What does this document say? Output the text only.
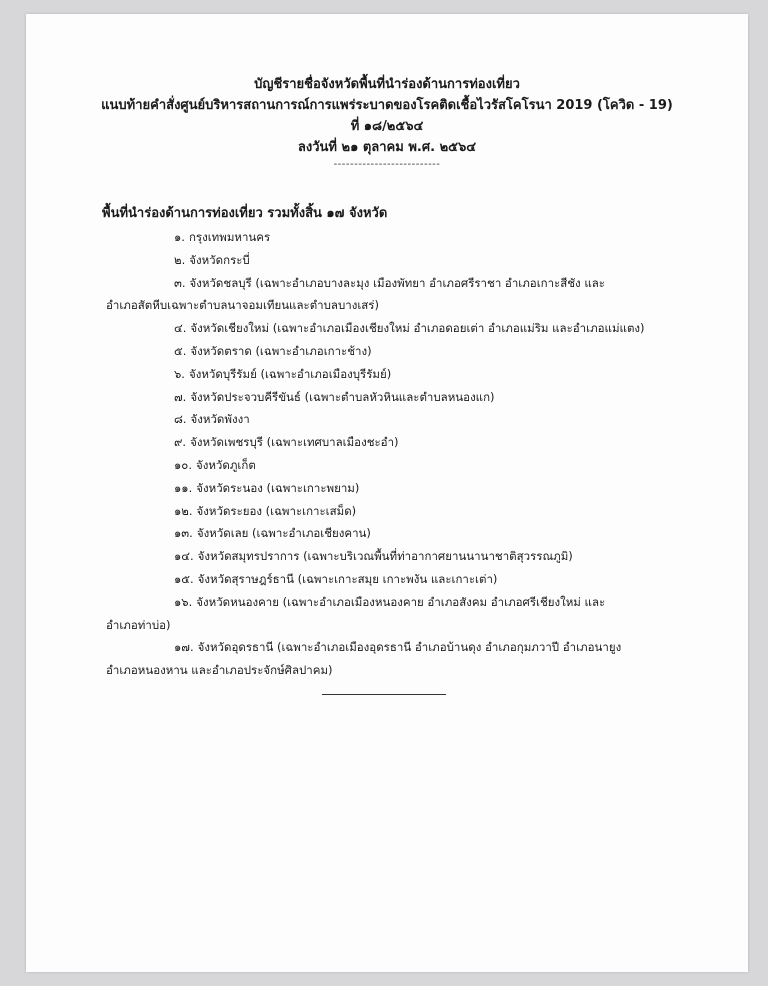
บัญชีรายชื่อจังหวัดพื้นที่นำร่องด้านการท่องเที่ยว
แนบท้ายคำสั่งศูนย์บริหารสถานการณ์การแพร่ระบาดของโรคติดเชื้อไวรัสโคโรนา 2019 (โควิด - 19)
ที่ ๑๘/๒๕๖๔
ลงวันที่ ๒๑ ตุลาคม พ.ศ. ๒๕๖๔
--------------------------
พื้นที่นำร่องด้านการท่องเที่ยว รวมทั้งสิ้น ๑๗ จังหวัด
๑. กรุงเทพมหานคร
๒. จังหวัดกระบี่
๓. จังหวัดชลบุรี (เฉพาะอำเภอบางละมุง เมืองพัทยา อำเภอศรีราชา อำเภอเกาะสีชัง และ
อำเภอสัตหีบเฉพาะตำบลนาจอมเทียนและตำบลบางเสร่)
๔. จังหวัดเชียงใหม่ (เฉพาะอำเภอเมืองเชียงใหม่ อำเภอดอยเต่า อำเภอแม่ริม และอำเภอแม่แตง)
๕. จังหวัดตราด (เฉพาะอำเภอเกาะช้าง)
๖. จังหวัดบุรีรัมย์ (เฉพาะอำเภอเมืองบุรีรัมย์)
๗. จังหวัดประจวบคีรีขันธ์ (เฉพาะตำบลหัวหินและตำบลหนองแก)
๘. จังหวัดพังงา
๙. จังหวัดเพชรบุรี (เฉพาะเทศบาลเมืองชะอำ)
๑๐. จังหวัดภูเก็ต
๑๑. จังหวัดระนอง (เฉพาะเกาะพยาม)
๑๒. จังหวัดระยอง (เฉพาะเกาะเสม็ด)
๑๓. จังหวัดเลย (เฉพาะอำเภอเชียงคาน)
๑๔. จังหวัดสมุทรปราการ (เฉพาะบริเวณพื้นที่ท่าอากาศยานนานาชาติสุวรรณภูมิ)
๑๕. จังหวัดสุราษฎร์ธานี (เฉพาะเกาะสมุย เกาะพงัน และเกาะเต่า)
๑๖. จังหวัดหนองคาย (เฉพาะอำเภอเมืองหนองคาย อำเภอสังคม อำเภอศรีเชียงใหม่ และ
อำเภอท่าบ่อ)
๑๗. จังหวัดอุดรธานี (เฉพาะอำเภอเมืองอุดรธานี อำเภอบ้านดุง อำเภอกุมภวาปี อำเภอนายูง
อำเภอหนองหาน และอำเภอประจักษ์ศิลปาคม)
